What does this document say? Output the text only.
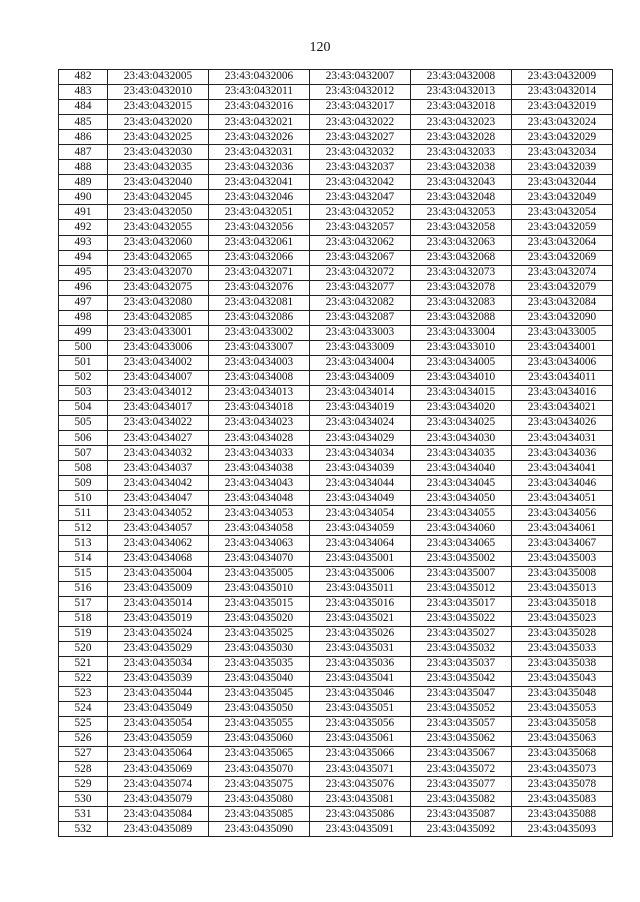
120
482	23:43:0432005	23:43:0432006	23:43:0432007	23:43:0432008	23:43:0432009
483	23:43:0432010	23:43:0432011	23:43:0432012	23:43:0432013	23:43:0432014
484	23:43:0432015	23:43:0432016	23:43:0432017	23:43:0432018	23:43:0432019
485	23:43:0432020	23:43:0432021	23:43:0432022	23:43:0432023	23:43:0432024
486	23:43:0432025	23:43:0432026	23:43:0432027	23:43:0432028	23:43:0432029
487	23:43:0432030	23:43:0432031	23:43:0432032	23:43:0432033	23:43:0432034
488	23:43:0432035	23:43:0432036	23:43:0432037	23:43:0432038	23:43:0432039
489	23:43:0432040	23:43:0432041	23:43:0432042	23:43:0432043	23:43:0432044
490	23:43:0432045	23:43:0432046	23:43:0432047	23:43:0432048	23:43:0432049
491	23:43:0432050	23:43:0432051	23:43:0432052	23:43:0432053	23:43:0432054
492	23:43:0432055	23:43:0432056	23:43:0432057	23:43:0432058	23:43:0432059
493	23:43:0432060	23:43:0432061	23:43:0432062	23:43:0432063	23:43:0432064
494	23:43:0432065	23:43:0432066	23:43:0432067	23:43:0432068	23:43:0432069
495	23:43:0432070	23:43:0432071	23:43:0432072	23:43:0432073	23:43:0432074
496	23:43:0432075	23:43:0432076	23:43:0432077	23:43:0432078	23:43:0432079
497	23:43:0432080	23:43:0432081	23:43:0432082	23:43:0432083	23:43:0432084
498	23:43:0432085	23:43:0432086	23:43:0432087	23:43:0432088	23:43:0432090
499	23:43:0433001	23:43:0433002	23:43:0433003	23:43:0433004	23:43:0433005
500	23:43:0433006	23:43:0433007	23:43:0433009	23:43:0433010	23:43:0434001
501	23:43:0434002	23:43:0434003	23:43:0434004	23:43:0434005	23:43:0434006
502	23:43:0434007	23:43:0434008	23:43:0434009	23:43:0434010	23:43:0434011
503	23:43:0434012	23:43:0434013	23:43:0434014	23:43:0434015	23:43:0434016
504	23:43:0434017	23:43:0434018	23:43:0434019	23:43:0434020	23:43:0434021
505	23:43:0434022	23:43:0434023	23:43:0434024	23:43:0434025	23:43:0434026
506	23:43:0434027	23:43:0434028	23:43:0434029	23:43:0434030	23:43:0434031
507	23:43:0434032	23:43:0434033	23:43:0434034	23:43:0434035	23:43:0434036
508	23:43:0434037	23:43:0434038	23:43:0434039	23:43:0434040	23:43:0434041
509	23:43:0434042	23:43:0434043	23:43:0434044	23:43:0434045	23:43:0434046
510	23:43:0434047	23:43:0434048	23:43:0434049	23:43:0434050	23:43:0434051
511	23:43:0434052	23:43:0434053	23:43:0434054	23:43:0434055	23:43:0434056
512	23:43:0434057	23:43:0434058	23:43:0434059	23:43:0434060	23:43:0434061
513	23:43:0434062	23:43:0434063	23:43:0434064	23:43:0434065	23:43:0434067
514	23:43:0434068	23:43:0434070	23:43:0435001	23:43:0435002	23:43:0435003
515	23:43:0435004	23:43:0435005	23:43:0435006	23:43:0435007	23:43:0435008
516	23:43:0435009	23:43:0435010	23:43:0435011	23:43:0435012	23:43:0435013
517	23:43:0435014	23:43:0435015	23:43:0435016	23:43:0435017	23:43:0435018
518	23:43:0435019	23:43:0435020	23:43:0435021	23:43:0435022	23:43:0435023
519	23:43:0435024	23:43:0435025	23:43:0435026	23:43:0435027	23:43:0435028
520	23:43:0435029	23:43:0435030	23:43:0435031	23:43:0435032	23:43:0435033
521	23:43:0435034	23:43:0435035	23:43:0435036	23:43:0435037	23:43:0435038
522	23:43:0435039	23:43:0435040	23:43:0435041	23:43:0435042	23:43:0435043
523	23:43:0435044	23:43:0435045	23:43:0435046	23:43:0435047	23:43:0435048
524	23:43:0435049	23:43:0435050	23:43:0435051	23:43:0435052	23:43:0435053
525	23:43:0435054	23:43:0435055	23:43:0435056	23:43:0435057	23:43:0435058
526	23:43:0435059	23:43:0435060	23:43:0435061	23:43:0435062	23:43:0435063
527	23:43:0435064	23:43:0435065	23:43:0435066	23:43:0435067	23:43:0435068
528	23:43:0435069	23:43:0435070	23:43:0435071	23:43:0435072	23:43:0435073
529	23:43:0435074	23:43:0435075	23:43:0435076	23:43:0435077	23:43:0435078
530	23:43:0435079	23:43:0435080	23:43:0435081	23:43:0435082	23:43:0435083
531	23:43:0435084	23:43:0435085	23:43:0435086	23:43:0435087	23:43:0435088
532	23:43:0435089	23:43:0435090	23:43:0435091	23:43:0435092	23:43:0435093
